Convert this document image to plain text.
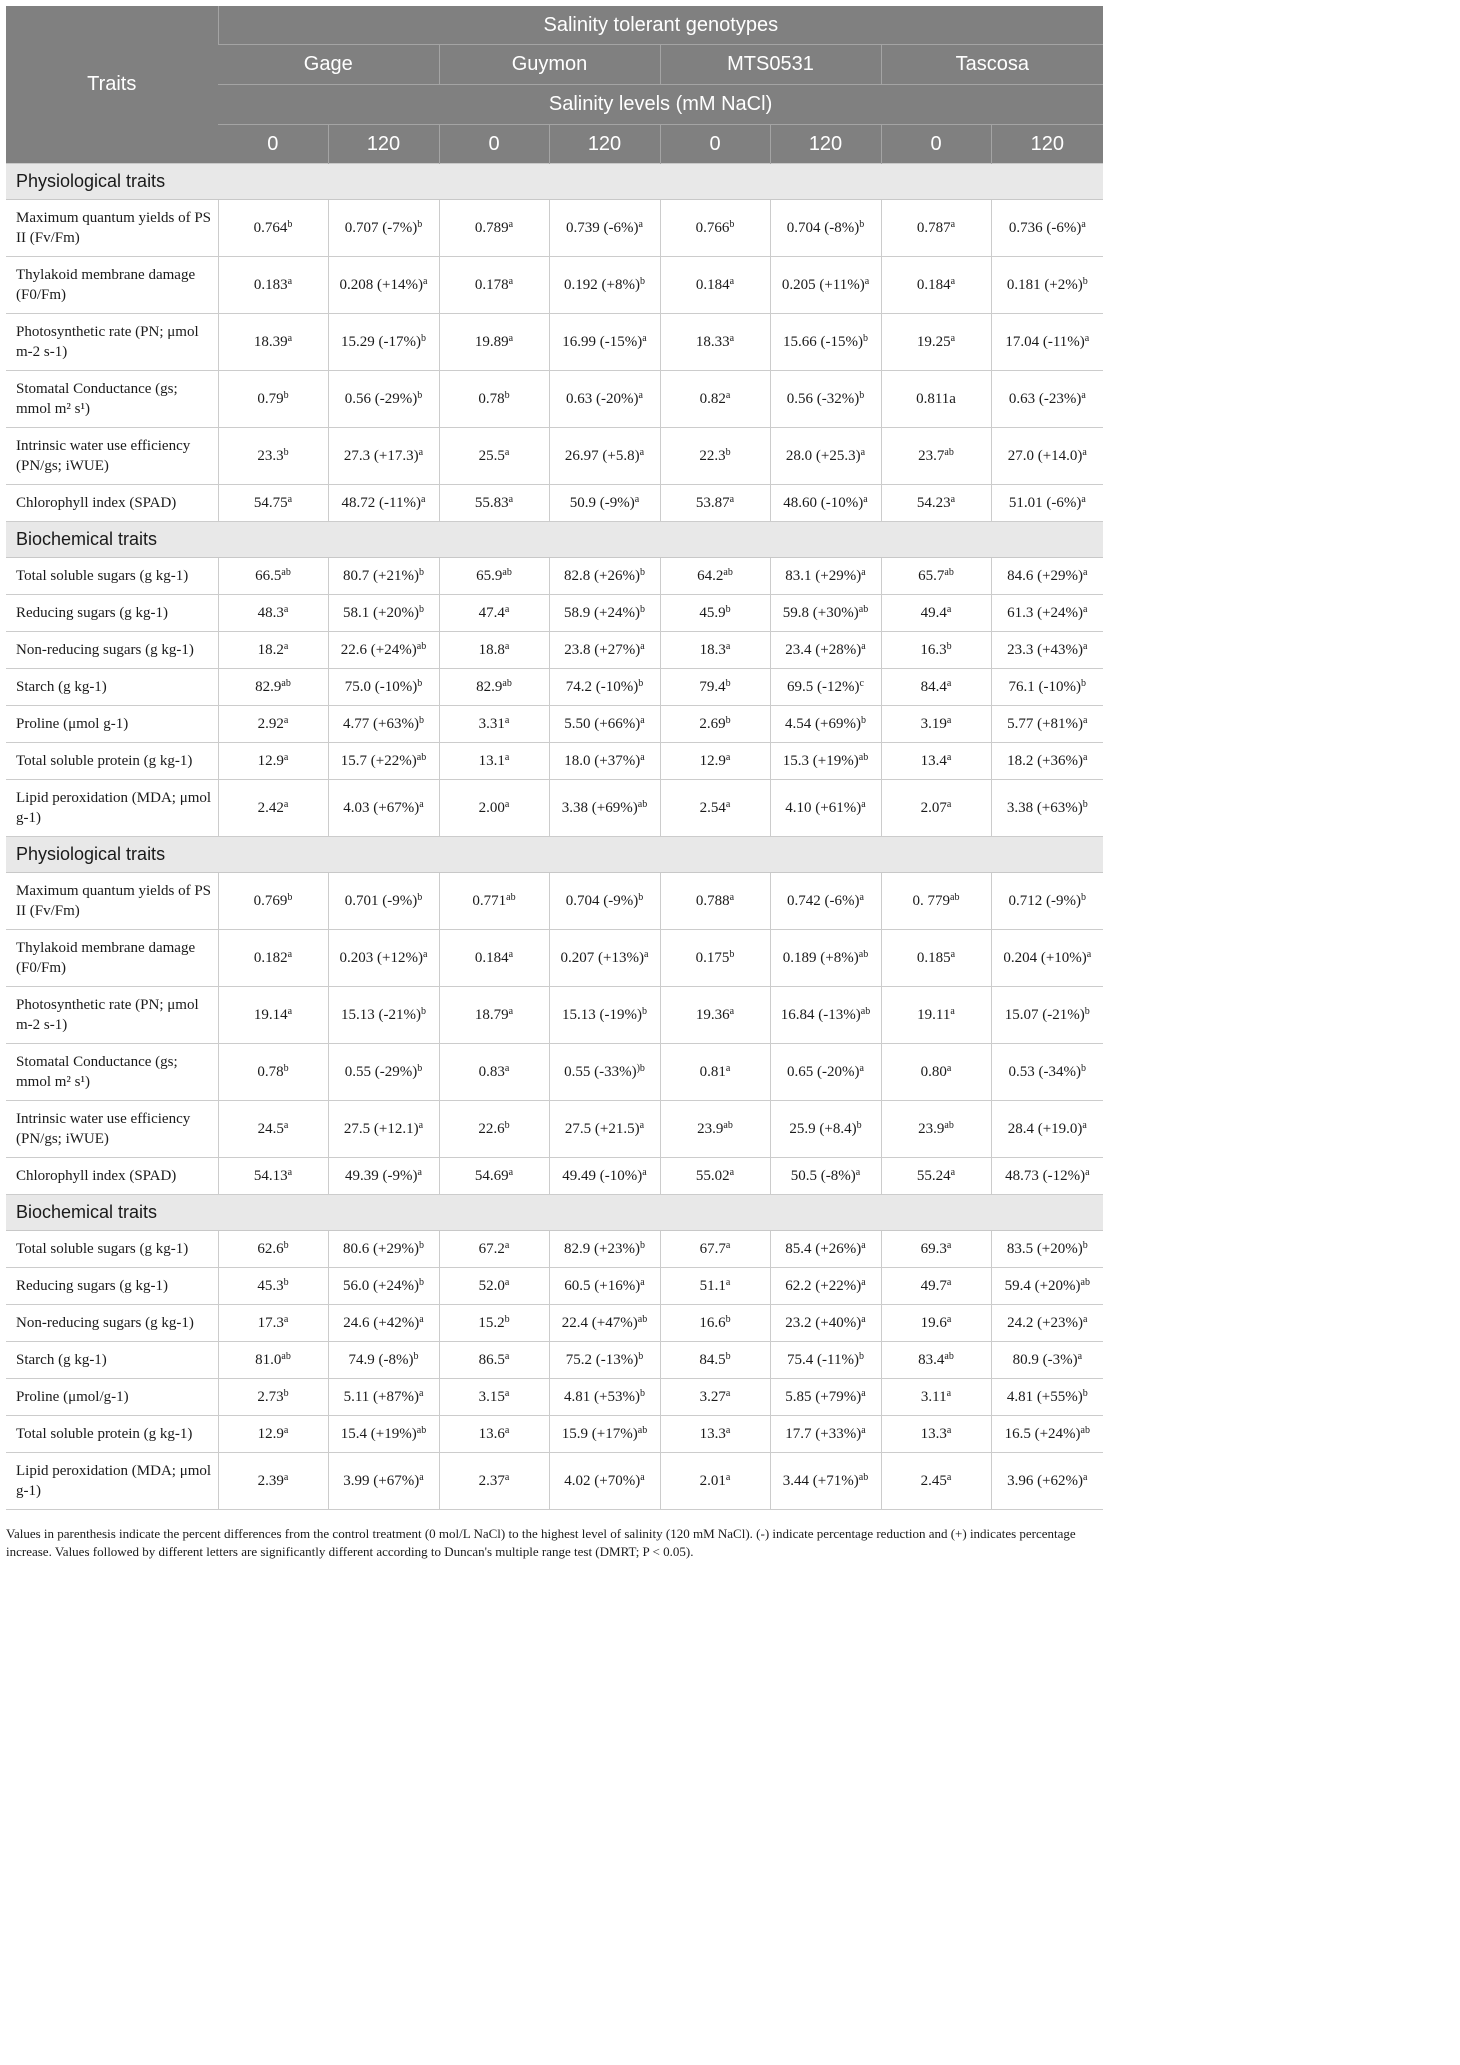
Traits	Salinity tolerant genotypes							
	Gage		Guymon		MTS0531		Tascosa	
	Salinity levels (mM NaCl)							
	0	120	0	120	0	120	0	120
Physiological traits								
Maximum quantum yields of PS II (Fv/Fm)	0.764$^b$	0.707 $(-7\%)^b$	0.789$^a$	0.739 $(-6\%)^a$	0.766$^b$	0.704 $(-8\%)^b$	0.787$^a$	0.736 $(-6\%)^a$
Thylakoid membrane damage (F0/Fm)	0.183$^a$	0.208 $(+14\%)^a$	0.178$^a$	0.192 $(+8\%)^b$	0.184$^a$	0.205 $(+11\%)^a$	0.184$^a$	0.181 $(+2\%)^b$
Photosynthetic rate (PN; μmol m-2 s-1)	18.39$^a$	15.29 $(-17\%)^b$	19.89$^a$	16.99 $(-15\%)^a$	18.33$^a$	15.66 $(-15\%)^b$	19.25$^a$	17.04 $(-11\%)^a$
Stomatal Conductance (gs; mmol m² s¹)	0.79$^b$	0.56 $(-29\%)^b$	0.78$^b$	0.63 $(-20\%)^a$	0.82$^a$	0.56 $(-32\%)^b$	0.811a	0.63 $(-23\%)^a$
Intrinsic water use efficiency (PN/gs; iWUE)	23.3$^b$	27.3 $(+17.3)^a$	25.5$^a$	26.97 $(+5.8)^a$	22.3$^b$	28.0 $(+25.3)^a$	23.7$^{ab}$	27.0 $(+14.0)^a$
Chlorophyll index (SPAD)	54.75$^a$	48.72 $(-11\%)^a$	55.83$^a$	50.9 $(-9\%)^a$	53.87$^a$	48.60 $(-10\%)^a$	54.23$^a$	51.01 $(-6\%)^a$
Biochemical traits								
Total soluble sugars (g kg-1)	66.5$^{ab}$	80.7 $(+21\%)^b$	65.9$^{ab}$	82.8 $(+26\%)^b$	64.2$^{ab}$	83.1 $(+29\%)^a$	65.7$^{ab}$	84.6 $(+29\%)^a$
Reducing sugars (g kg-1)	48.3$^a$	58.1 $(+20\%)^b$	47.4$^a$	58.9 $(+24\%)^b$	45.9$^b$	59.8 $(+30\%)^{ab}$	49.4$^a$	61.3 $(+24\%)^a$
Non-reducing sugars (g kg-1)	18.2$^a$	22.6 $(+24\%)^{ab}$	18.8$^a$	23.8 $(+27\%)^a$	18.3$^a$	23.4 $(+28\%)^a$	16.3$^b$	23.3 $(+43\%)^a$
Starch (g kg-1)	82.9$^{ab}$	75.0 $(-10\%)^b$	82.9$^{ab}$	74.2 $(-10\%)^b$	79.4$^b$	69.5 $(-12\%)^c$	84.4$^a$	76.1 $(-10\%)^b$
Proline (μmol g-1)	2.92$^a$	4.77 $(+63\%)^b$	3.31$^a$	5.50 $(+66\%)^a$	2.69$^b$	4.54 $(+69\%)^b$	3.19$^a$	5.77 $(+81\%)^a$
Total soluble protein (g kg-1)	12.9$^a$	15.7 $(+22\%)^{ab}$	13.1$^a$	18.0 $(+37\%)^a$	12.9$^a$	15.3 $(+19\%)^{ab}$	13.4$^a$	18.2 $(+36\%)^a$
Lipid peroxidation (MDA; μmol g-1)	2.42$^a$	4.03 $(+67\%)^a$	2.00$^a$	3.38 $(+69\%)^{ab}$	2.54$^a$	4.10 $(+61\%)^a$	2.07$^a$	3.38 $(+63\%)^b$
Physiological traits								
Maximum quantum yields of PS II (Fv/Fm)	0.769$^b$	0.701 $(-9\%)^b$	0.771$^{ab}$	0.704 $(-9\%)^b$	0.788$^a$	0.742 $(-6\%)^a$	0. $779^{ab}$	0.712 $(-9\%)^b$
Thylakoid membrane damage (F0/Fm)	0.182$^a$	0.203 $(+12\%)^a$	0.184$^a$	0.207 $(+13\%)^a$	0.175$^b$	0.189 $(+8\%)^{ab}$	0.185$^a$	0.204 $(+10\%)^a$
Photosynthetic rate (PN; μmol m-2 s-1)	19.14$^a$	15.13 $(-21\%)^b$	18.79$^a$	15.13 $(-19\%)^b$	19.36$^a$	16.84 $(-13\%)^{ab}$	19.11$^a$	15.07 $(-21\%)^b$
Stomatal Conductance (gs; mmol m² s¹)	0.78$^b$	0.55 $(-29\%)^b$	0.83$^a$	0.55 $(-33\%)^{)b}$	0.81$^a$	0.65 $(-20\%)^a$	0.80$^a$	0.53 $(-34\%)^b$
Intrinsic water use efficiency (PN/gs; iWUE)	24.5$^a$	27.5 $(+12.1)^a$	22.6$^b$	27.5 $(+21.5)^a$	23.9$^{ab}$	25.9 $(+8.4)^b$	23.9$^{ab}$	28.4 $(+19.0)^a$
Chlorophyll index (SPAD)	54.13$^a$	49.39 $(-9\%)^a$	54.69$^a$	49.49 $(-10\%)^a$	55.02$^a$	50.5 $(-8\%)^a$	55.24$^a$	48.73 $(-12\%)^a$
Biochemical traits								
Total soluble sugars (g kg-1)	62.6$^b$	80.6 $(+29\%)^b$	67.2$^a$	82.9 $(+23\%)^b$	67.7$^a$	85.4 $(+26\%)^a$	69.3$^a$	83.5 $(+20\%)^b$
Reducing sugars (g kg-1)	45.3$^b$	56.0 $(+24\%)^b$	52.0$^a$	60.5 $(+16\%)^a$	51.1$^a$	62.2 $(+22\%)^a$	49.7$^a$	59.4 $(+20\%)^{ab}$
Non-reducing sugars (g kg-1)	17.3$^a$	24.6 $(+42\%)^a$	15.2$^b$	22.4 $(+47\%)^{ab}$	16.6$^b$	23.2 $(+40\%)^a$	19.6$^a$	24.2 $(+23\%)^a$
Starch (g kg-1)	81.0$^{ab}$	74.9 $(-8\%)^b$	86.5$^a$	75.2 $(-13\%)^b$	84.5$^b$	75.4 $(-11\%)^b$	83.4$^{ab}$	80.9 $(-3\%)^a$
Proline (μmol/g-1)	2.73$^b$	5.11 $(+87\%)^a$	3.15$^a$	4.81 $(+53\%)^b$	3.27$^a$	5.85 $(+79\%)^a$	3.11$^a$	4.81 $(+55\%)^b$
Total soluble protein (g kg-1)	12.9$^a$	15.4 $(+19\%)^{ab}$	13.6$^a$	15.9 $(+17\%)^{ab}$	13.3$^a$	17.7 $(+33\%)^a$	13.3$^a$	16.5 $(+24\%)^{ab}$
Lipid peroxidation (MDA; μmol g-1)	2.39$^a$	3.99 $(+67\%)^a$	2.37$^a$	4.02 $(+70\%)^a$	2.01$^a$	3.44 $(+71\%)^{ab}$	2.45$^a$	3.96 $(+62\%)^a$
Values in parenthesis indicate the percent differences from the control treatment (0 mol/L NaCl) to the highest level of salinity (120 mM NaCl). (-) indicate percentage reduction and (+) indicates percentage increase. Values followed by different letters are significantly different according to Duncan's multiple range test (DMRT; P < 0.05).
